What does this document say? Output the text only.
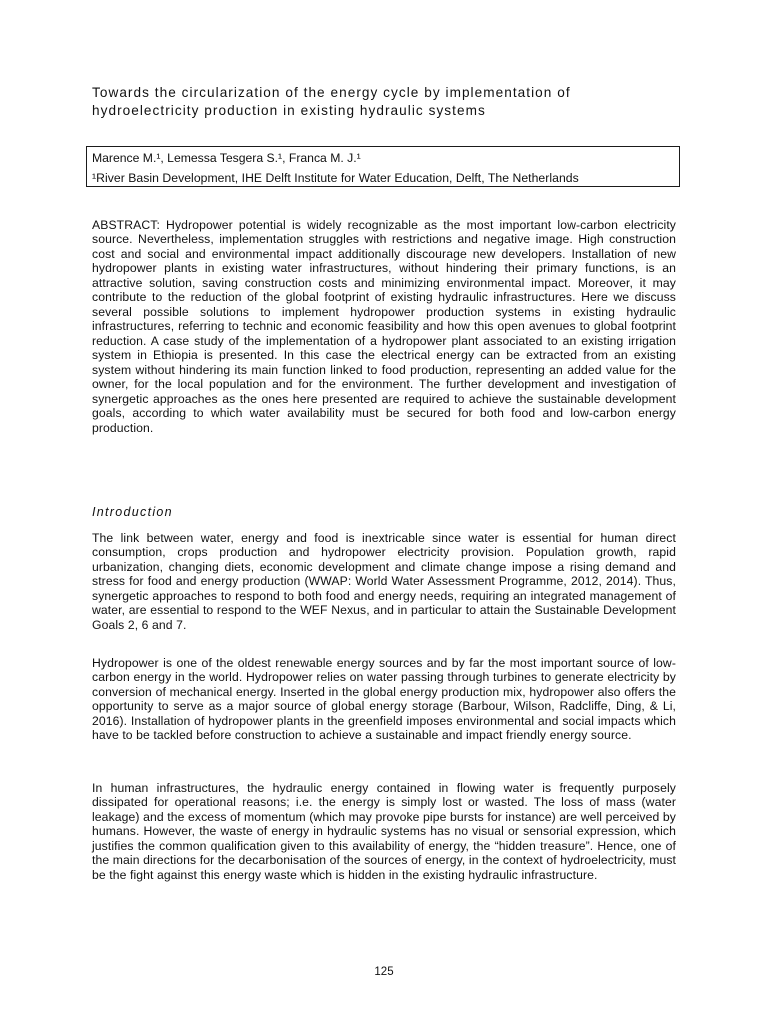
Towards the circularization of the energy cycle by implementation of hydroelectricity production in existing hydraulic systems
Marence M.¹, Lemessa Tesgera S.¹, Franca M. J.¹
¹River Basin Development, IHE Delft Institute for Water Education, Delft, The Netherlands

ABSTRACT: Hydropower potential is widely recognizable as the most important low-carbon electricity source. Nevertheless, implementation struggles with restrictions and negative image. High construction cost and social and environmental impact additionally discourage new developers. Installation of new hydropower plants in existing water infrastructures, without hindering their primary functions, is an attractive solution, saving construction costs and minimizing environmental impact. Moreover, it may contribute to the reduction of the global footprint of existing hydraulic infrastructures. Here we discuss several possible solutions to implement hydropower production systems in existing hydraulic infrastructures, referring to technic and economic feasibility and how this open avenues to global footprint reduction. A case study of the implementation of a hydropower plant associated to an existing irrigation system in Ethiopia is presented. In this case the electrical energy can be extracted from an existing system without hindering its main function linked to food production, representing an added value for the owner, for the local population and for the environment. The further development and investigation of synergetic approaches as the ones here presented are required to achieve the sustainable development goals, according to which water availability must be secured for both food and low-carbon energy production.

Introduction

The link between water, energy and food is inextricable since water is essential for human direct consumption, crops production and hydropower electricity provision. Population growth, rapid urbanization, changing diets, economic development and climate change impose a rising demand and stress for food and energy production (WWAP: World Water Assessment Programme, 2012, 2014). Thus, synergetic approaches to respond to both food and energy needs, requiring an integrated management of water, are essential to respond to the WEF Nexus, and in particular to attain the Sustainable Development Goals 2, 6 and 7.

Hydropower is one of the oldest renewable energy sources and by far the most important source of low-carbon energy in the world. Hydropower relies on water passing through turbines to generate electricity by conversion of mechanical energy. Inserted in the global energy production mix, hydropower also offers the opportunity to serve as a major source of global energy storage (Barbour, Wilson, Radcliffe, Ding, & Li, 2016). Installation of hydropower plants in the greenfield imposes environmental and social impacts which have to be tackled before construction to achieve a sustainable and impact friendly energy source.

In human infrastructures, the hydraulic energy contained in flowing water is frequently purposely dissipated for operational reasons; i.e. the energy is simply lost or wasted. The loss of mass (water leakage) and the excess of momentum (which may provoke pipe bursts for instance) are well perceived by humans. However, the waste of energy in hydraulic systems has no visual or sensorial expression, which justifies the common qualification given to this availability of energy, the “hidden treasure”. Hence, one of the main directions for the decarbonisation of the sources of energy, in the context of hydroelectricity, must be the fight against this energy waste which is hidden in the existing hydraulic infrastructure.

125
